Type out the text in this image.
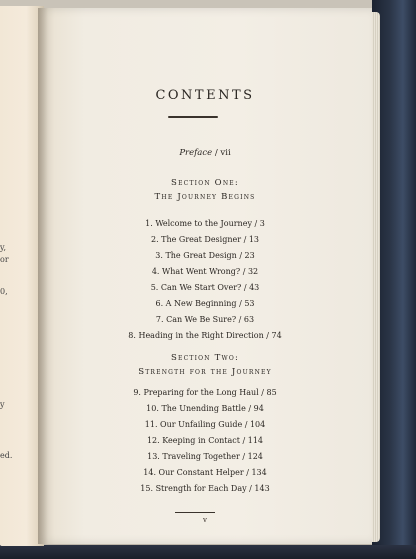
y,
or
0,
y
ed.
CONTENTS
Preface / vii
Section One:
The Journey Begins
1. Welcome to the Journey / 3
2. The Great Designer / 13
3. The Great Design / 23
4. What Went Wrong? / 32
5. Can We Start Over? / 43
6. A New Beginning / 53
7. Can We Be Sure? / 63
8. Heading in the Right Direction / 74
Section Two:
Strength for the Journey
9. Preparing for the Long Haul / 85
10. The Unending Battle / 94
11. Our Unfailing Guide / 104
12. Keeping in Contact / 114
13. Traveling Together / 124
14. Our Constant Helper / 134
15. Strength for Each Day / 143
v
